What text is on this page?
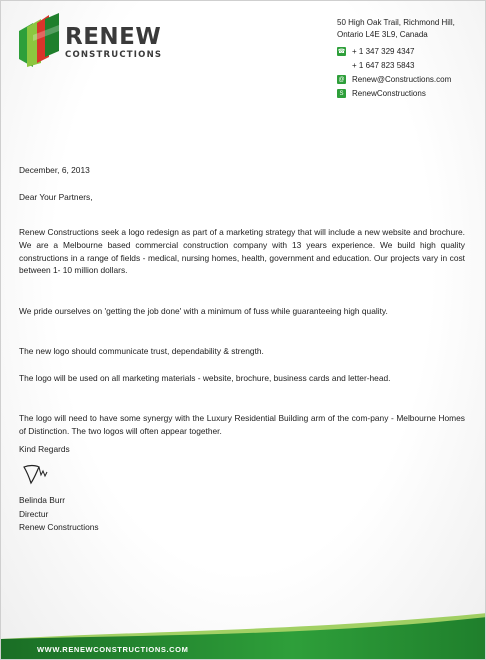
RENEW
CONSTRUCTIONS
50 High Oak Trail, Richmond Hill,
Ontario L4E 3L9, Canada
☎ + 1 347 329 4347
+ 1 647 823 5843
@ Renew@Constructions.com
S	RenewConstructions
December, 6, 2013
Dear Your Partners,

Renew Constructions seek a logo redesign as part of a marketing strategy that will include a new website and brochure. We are a Melbourne based commercial construction company with 13 years experience. We build high quality constructions in a range of fields - medical, nursing homes, health, government and education. Our projects vary in cost between 1- 10 million dollars.

We pride ourselves on 'getting the job done' with a minimum of fuss while guaranteeing high quality.

The new logo should communicate trust, dependability & strength.

The logo will be used on all marketing materials - website, brochure, business cards and letter-head.

The logo will need to have some synergy with the Luxury Residential Building arm of the com-pany - Melbourne Homes of Distinction. The two logos will often appear together.

Kind Regards
Belinda Burr
Directur
Renew Constructions
WWW.RENEWCONSTRUCTIONS.COM
